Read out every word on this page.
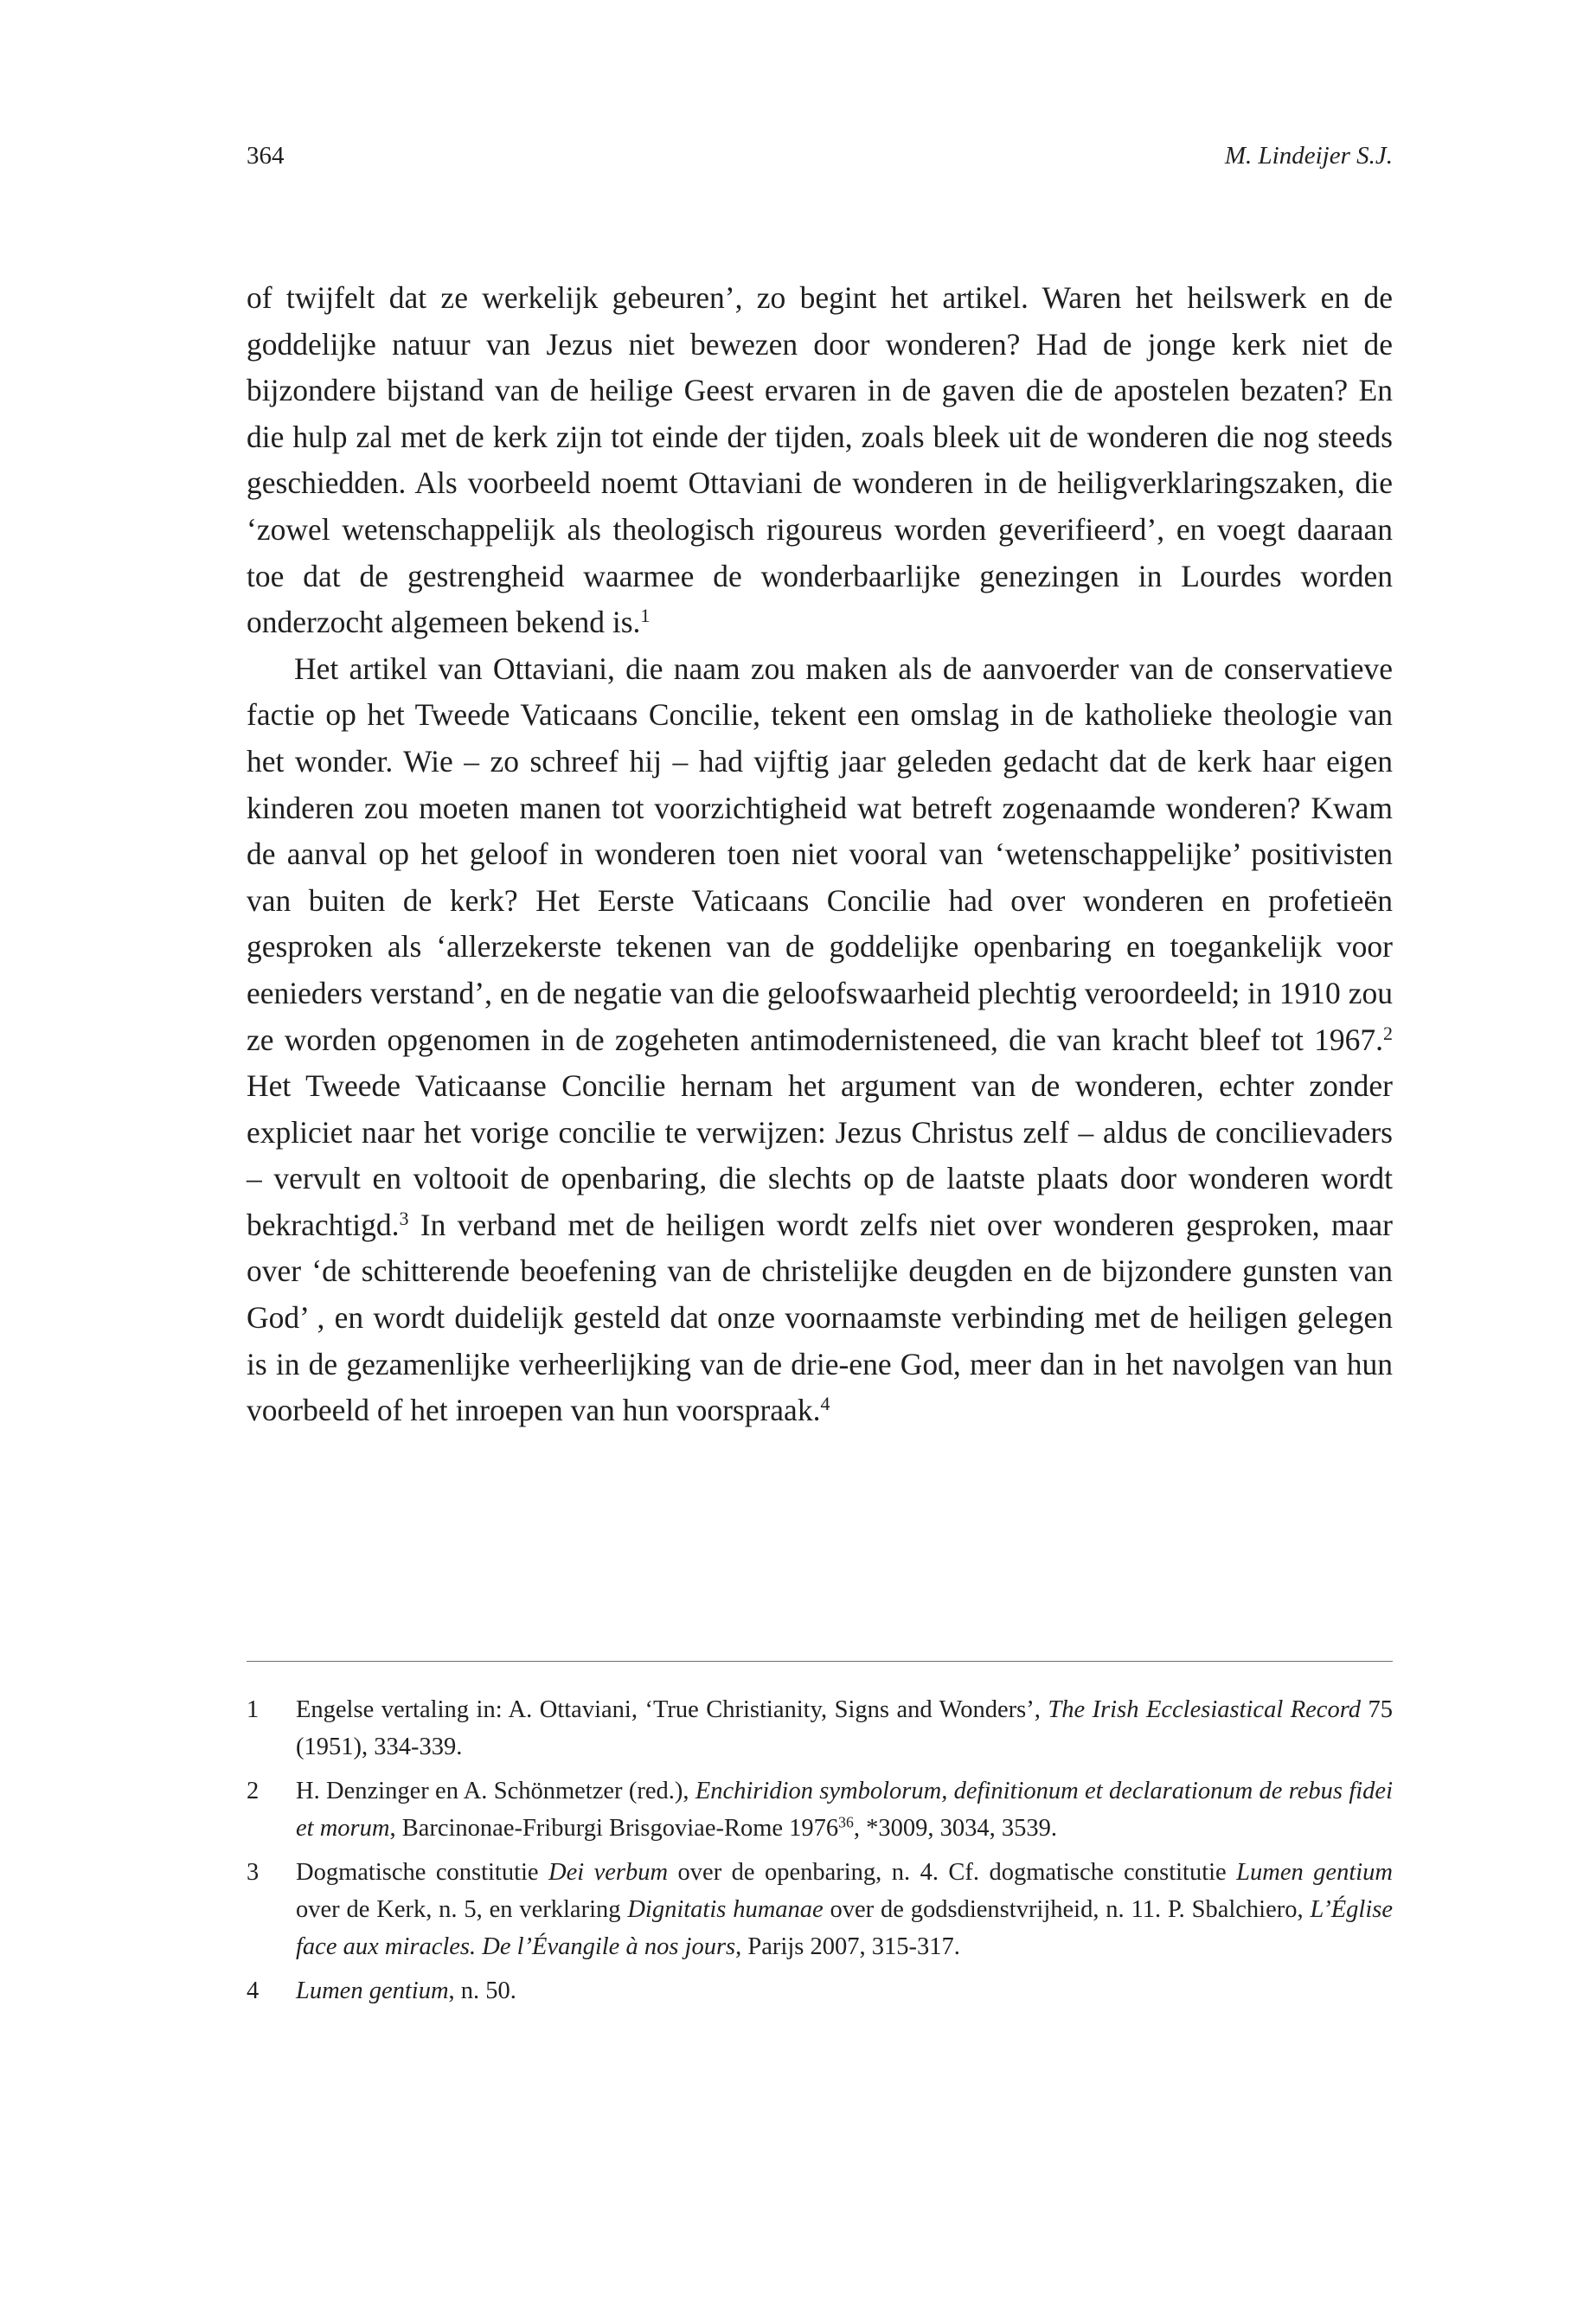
364	M. Lindeijer S.J.

of twijfelt dat ze werkelijk gebeuren’, zo begint het artikel. Waren het heilswerk en de goddelijke natuur van Jezus niet bewezen door wonderen? Had de jonge kerk niet de bijzondere bijstand van de heilige Geest ervaren in de gaven die de apostelen bezaten? En die hulp zal met de kerk zijn tot einde der tijden, zoals bleek uit de wonderen die nog steeds geschiedden. Als voorbeeld noemt Ottaviani de wonderen in de heiligverklaringszaken, die ‘zowel wetenschappelijk als theologisch rigoureus worden geverifieerd’, en voegt daaraan toe dat de gestrengheid waarmee de wonderbaarlijke genezingen in Lourdes worden onderzocht algemeen bekend is.$^1$

Het artikel van Ottaviani, die naam zou maken als de aanvoerder van de conservatieve factie op het Tweede Vaticaans Concilie, tekent een omslag in de katholieke theologie van het wonder. Wie – zo schreef hij – had vijftig jaar geleden gedacht dat de kerk haar eigen kinderen zou moeten manen tot voorzichtigheid wat betreft zogenaamde wonderen? Kwam de aanval op het geloof in wonderen toen niet vooral van ‘wetenschappelijke’ positivisten van buiten de kerk? Het Eerste Vaticaans Concilie had over wonderen en profetieën gesproken als ‘allerzekerste tekenen van de goddelijke openbaring en toegankelijk voor eenieders verstand’, en de negatie van die geloofswaarheid plechtig veroordeeld; in 1910 zou ze worden opgenomen in de zogeheten antimodernisteneed, die van kracht bleef tot 1967.$^2$ Het Tweede Vaticaanse Concilie hernam het argument van de wonderen, echter zonder expliciet naar het vorige concilie te verwijzen: Jezus Christus zelf – aldus de concilievaders – vervult en voltooit de openbaring, die slechts op de laatste plaats door wonderen wordt bekrachtigd.$^3$ In verband met de heiligen wordt zelfs niet over wonderen gesproken, maar over ‘de schitterende beoefening van de christelijke deugden en de bijzondere gunsten van God’ , en wordt duidelijk gesteld dat onze voornaamste verbinding met de heiligen gelegen is in de gezamenlijke verheerlijking van de drie-ene God, meer dan in het navolgen van hun voorbeeld of het inroepen van hun voorspraak.$^4$

1 Engelse vertaling in: A. Ottaviani, ‘True Christianity, Signs and Wonders’, The Irish Ecclesiastical Record 75 (1951), 334-339.
2 H. Denzinger en A. Schönmetzer (red.), Enchiridion symbolorum, definitionum et declarationum de rebus fidei et morum, Barcinonae-Friburgi Brisgoviae-Rome 1976$^{36}$, *3009, 3034, 3539.
3 Dogmatische constitutie Dei verbum over de openbaring, n. 4. Cf. dogmatische constitutie Lumen gentium over de Kerk, n. 5, en verklaring Dignitatis humanae over de godsdienstvrijheid, n. 11. P. Sbalchiero, L’Église face aux miracles. De l’Évangile à nos jours, Parijs 2007, 315-317.
4 Lumen gentium, n. 50.
